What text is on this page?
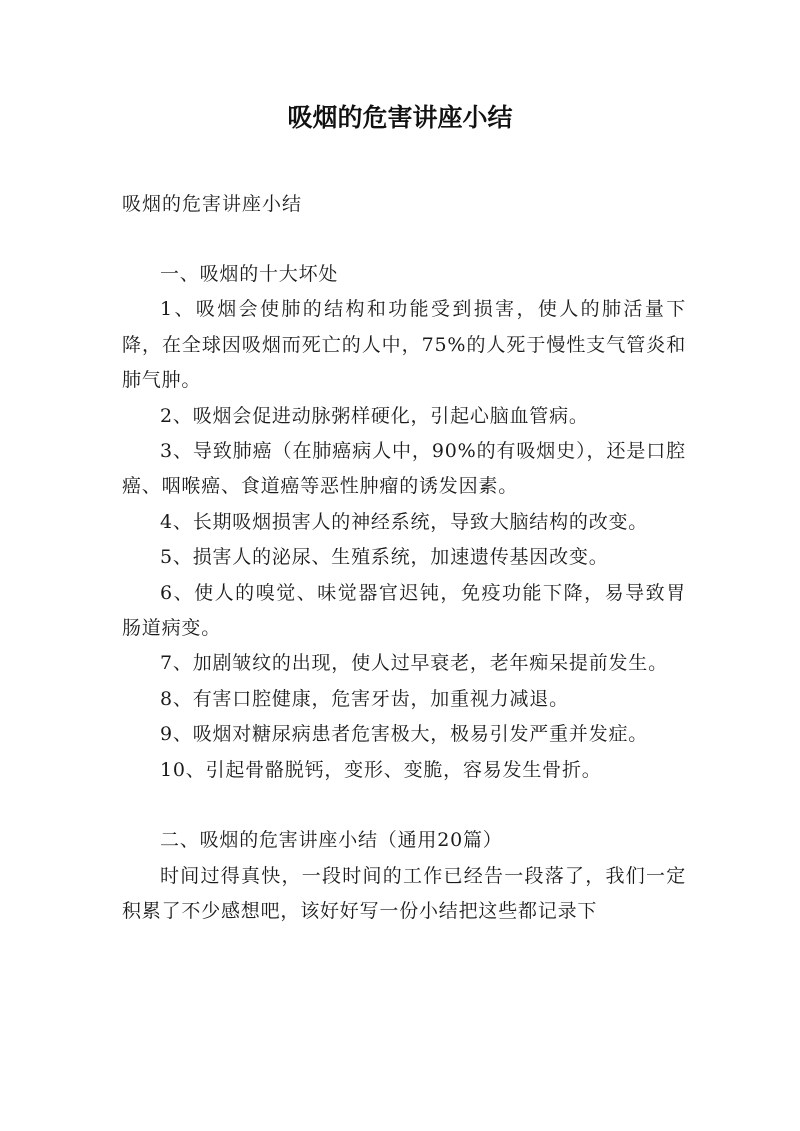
吸烟的危害讲座小结
吸烟的危害讲座小结

一、吸烟的十大坏处

1、吸烟会使肺的结构和功能受到损害，使人的肺活量下降，在全球因吸烟而死亡的人中，75%的人死于慢性支气管炎和肺气肿。

2、吸烟会促进动脉粥样硬化，引起心脑血管病。

3、导致肺癌（在肺癌病人中，90%的有吸烟史），还是口腔癌、咽喉癌、食道癌等恶性肿瘤的诱发因素。

4、长期吸烟损害人的神经系统，导致大脑结构的改变。

5、损害人的泌尿、生殖系统，加速遗传基因改变。

6、使人的嗅觉、味觉器官迟钝，免疫功能下降，易导致胃肠道病变。

7、加剧皱纹的出现，使人过早衰老，老年痴呆提前发生。

8、有害口腔健康，危害牙齿，加重视力减退。

9、吸烟对糖尿病患者危害极大，极易引发严重并发症。

10、引起骨骼脱钙，变形、变脆，容易发生骨折。

二、吸烟的危害讲座小结（通用20篇）

时间过得真快，一段时间的工作已经告一段落了，我们一定积累了不少感想吧，该好好写一份小结把这些都记录下
